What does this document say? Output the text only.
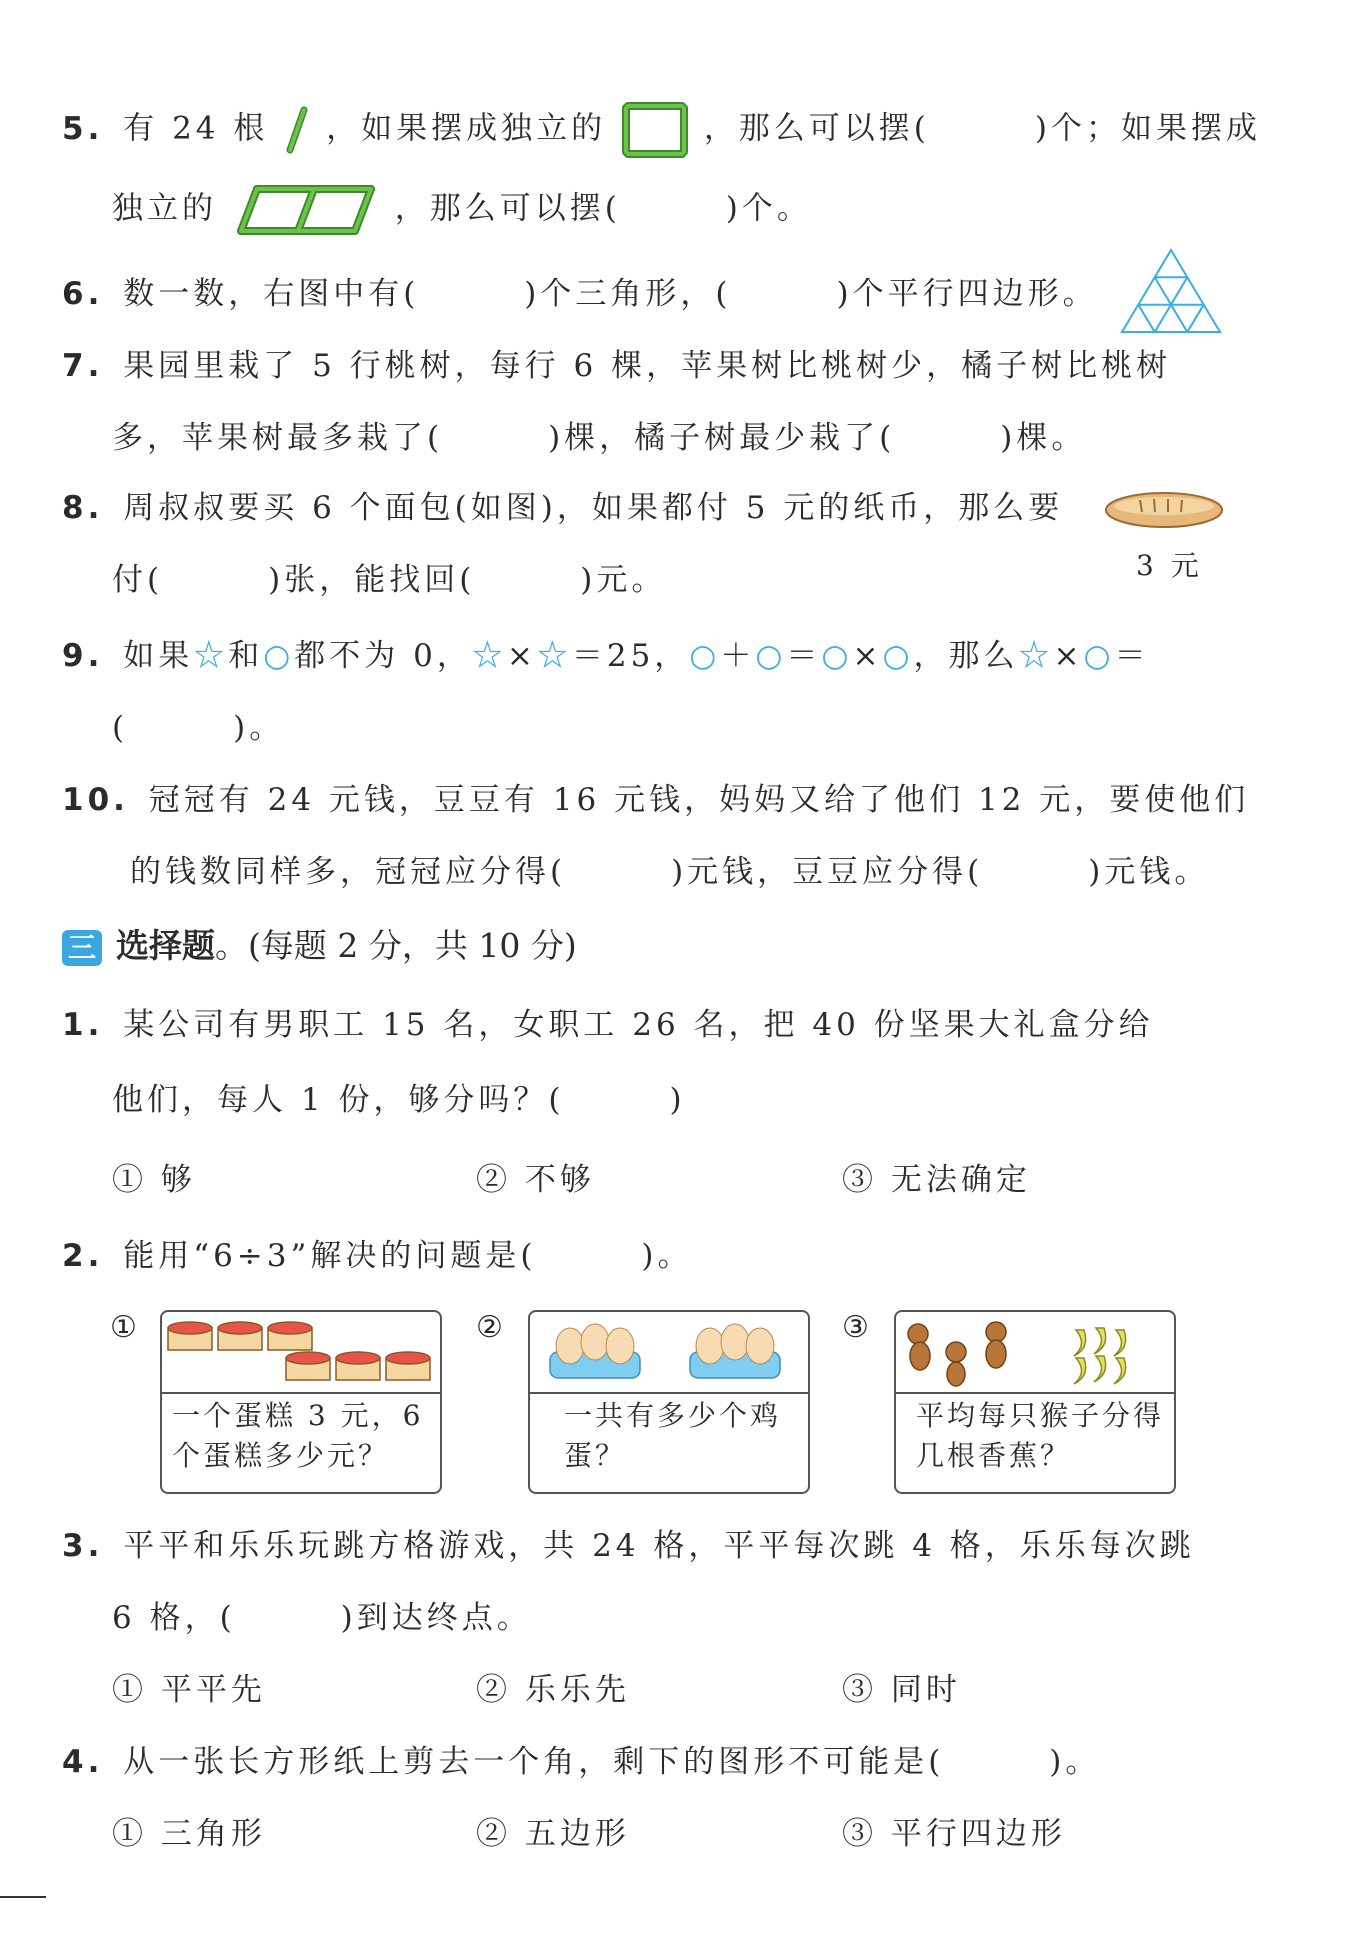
5. 有 24 根 ，如果摆成独立的	，那么可以摆(　　　)个；如果摆成
独立的	，那么可以摆(　　　)个。
6. 数一数，右图中有(　　　)个三角形，(　　　)个平行四边形。
7. 果园里栽了 5 行桃树，每行 6 棵，苹果树比桃树少，橘子树比桃树
多，苹果树最多栽了(　　　)棵，橘子树最少栽了(　　　)棵。
8. 周叔叔要买 6 个面包(如图)，如果都付 5 元的纸币，那么要
付(　　　)张，能找回(　　　)元。	3 元
9. 如果☆和○都不为 0，☆×☆＝25，○＋○＝○×○，那么☆×○＝
(　　　)。
10. 冠冠有 24 元钱，豆豆有 16 元钱，妈妈又给了他们 12 元，要使他们
的钱数同样多，冠冠应分得(　　　)元钱，豆豆应分得(　　　)元钱。
三 选择题。(每题 2 分，共 10 分)
1. 某公司有男职工 15 名，女职工 26 名，把 40 份坚果大礼盒分给
他们，每人 1 份，够分吗？(　　　)
① 够	② 不够	③ 无法确定
2. 能用“6÷3”解决的问题是(　　　)。
①
一个蛋糕 3 元，6 个蛋糕多少元？
②
一共有多少个鸡蛋？
③
平均每只猴子分得几根香蕉？
3. 平平和乐乐玩跳方格游戏，共 24 格，平平每次跳 4 格，乐乐每次跳
6 格，(　　　)到达终点。
① 平平先	② 乐乐先	③ 同时
4. 从一张长方形纸上剪去一个角，剩下的图形不可能是(　　　)。
① 三角形	② 五边形	③ 平行四边形
